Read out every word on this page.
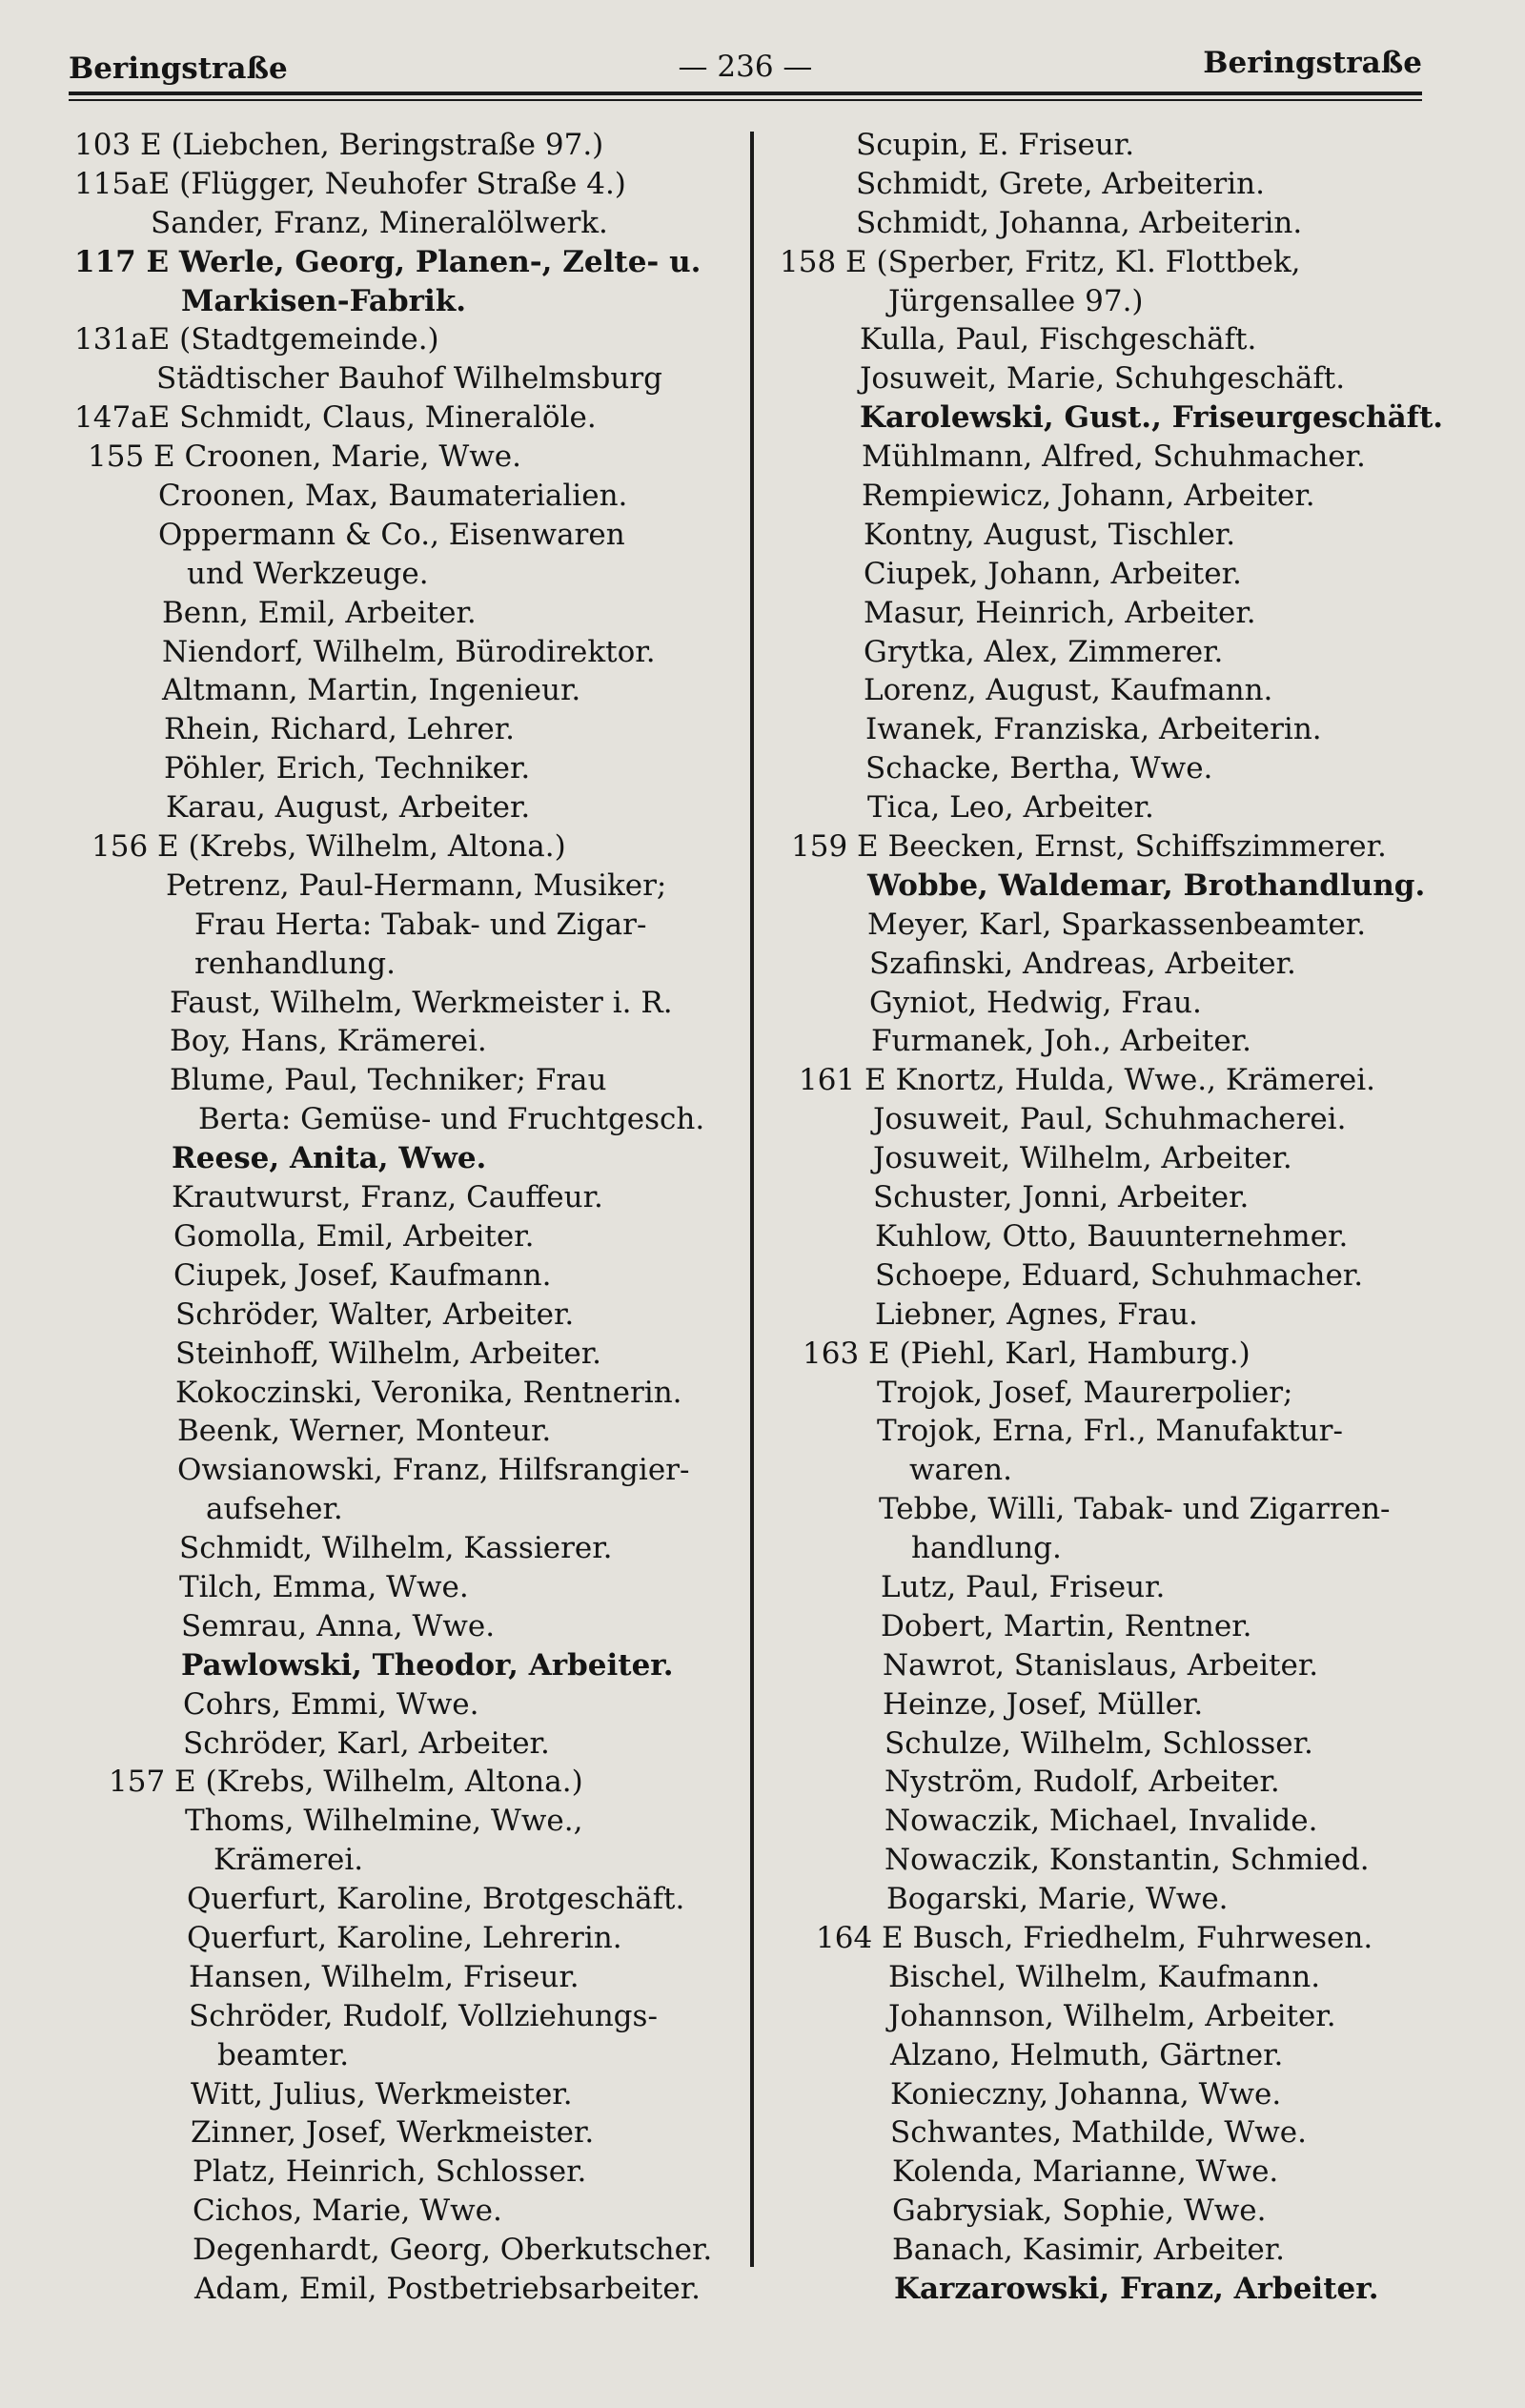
Beringstraße	— 236 —	Beringstraße
103 E (Liebchen, Beringstraße 97.)
115aE (Flügger, Neuhofer Straße 4.)
Sander, Franz, Mineralölwerk.
117 E Werle, Georg, Planen-, Zelte- u.
Markisen-Fabrik.
131aE (Stadtgemeinde.)
Städtischer Bauhof Wilhelmsburg
147aE Schmidt, Claus, Mineralöle.
155 E Croonen, Marie, Wwe.
Croonen, Max, Baumaterialien.
Oppermann & Co., Eisenwaren
und Werkzeuge.
Benn, Emil, Arbeiter.
Niendorf, Wilhelm, Bürodirektor.
Altmann, Martin, Ingenieur.
Rhein, Richard, Lehrer.
Pöhler, Erich, Techniker.
Karau, August, Arbeiter.
156 E (Krebs, Wilhelm, Altona.)
Petrenz, Paul-Hermann, Musiker;
Frau Herta: Tabak- und Zigar-
renhandlung.
Faust, Wilhelm, Werkmeister i. R.
Boy, Hans, Krämerei.
Blume, Paul, Techniker; Frau
Berta: Gemüse- und Fruchtgesch.
Reese, Anita, Wwe.
Krautwurst, Franz, Cauffeur.
Gomolla, Emil, Arbeiter.
Ciupek, Josef, Kaufmann.
Schröder, Walter, Arbeiter.
Steinhoff, Wilhelm, Arbeiter.
Kokoczinski, Veronika, Rentnerin.
Beenk, Werner, Monteur.
Owsianowski, Franz, Hilfsrangier-
aufseher.
Schmidt, Wilhelm, Kassierer.
Tilch, Emma, Wwe.
Semrau, Anna, Wwe.
Pawlowski, Theodor, Arbeiter.
Cohrs, Emmi, Wwe.
Schröder, Karl, Arbeiter.
157 E (Krebs, Wilhelm, Altona.)
Thoms, Wilhelmine, Wwe.,
Krämerei.
Querfurt, Karoline, Brotgeschäft.
Querfurt, Karoline, Lehrerin.
Hansen, Wilhelm, Friseur.
Schröder, Rudolf, Vollziehungs-
beamter.
Witt, Julius, Werkmeister.
Zinner, Josef, Werkmeister.
Platz, Heinrich, Schlosser.
Cichos, Marie, Wwe.
Degenhardt, Georg, Oberkutscher.
Adam, Emil, Postbetriebsarbeiter.
Scupin, E. Friseur.
Schmidt, Grete, Arbeiterin.
Schmidt, Johanna, Arbeiterin.
158 E (Sperber, Fritz, Kl. Flottbek,
Jürgensallee 97.)
Kulla, Paul, Fischgeschäft.
Josuweit, Marie, Schuhgeschäft.
Karolewski, Gust., Friseurgeschäft.
Mühlmann, Alfred, Schuhmacher.
Rempiewicz, Johann, Arbeiter.
Kontny, August, Tischler.
Ciupek, Johann, Arbeiter.
Masur, Heinrich, Arbeiter.
Grytka, Alex, Zimmerer.
Lorenz, August, Kaufmann.
Iwanek, Franziska, Arbeiterin.
Schacke, Bertha, Wwe.
Tica, Leo, Arbeiter.
159 E Beecken, Ernst, Schiffszimmerer.
Wobbe, Waldemar, Brothandlung.
Meyer, Karl, Sparkassenbeamter.
Szafinski, Andreas, Arbeiter.
Gyniot, Hedwig, Frau.
Furmanek, Joh., Arbeiter.
161 E Knortz, Hulda, Wwe., Krämerei.
Josuweit, Paul, Schuhmacherei.
Josuweit, Wilhelm, Arbeiter.
Schuster, Jonni, Arbeiter.
Kuhlow, Otto, Bauunternehmer.
Schoepe, Eduard, Schuhmacher.
Liebner, Agnes, Frau.
163 E (Piehl, Karl, Hamburg.)
Trojok, Josef, Maurerpolier;
Trojok, Erna, Frl., Manufaktur-
waren.
Tebbe, Willi, Tabak- und Zigarren-
handlung.
Lutz, Paul, Friseur.
Dobert, Martin, Rentner.
Nawrot, Stanislaus, Arbeiter.
Heinze, Josef, Müller.
Schulze, Wilhelm, Schlosser.
Nyström, Rudolf, Arbeiter.
Nowaczik, Michael, Invalide.
Nowaczik, Konstantin, Schmied.
Bogarski, Marie, Wwe.
164 E Busch, Friedhelm, Fuhrwesen.
Bischel, Wilhelm, Kaufmann.
Johannson, Wilhelm, Arbeiter.
Alzano, Helmuth, Gärtner.
Konieczny, Johanna, Wwe.
Schwantes, Mathilde, Wwe.
Kolenda, Marianne, Wwe.
Gabrysiak, Sophie, Wwe.
Banach, Kasimir, Arbeiter.
Karzarowski, Franz, Arbeiter.
